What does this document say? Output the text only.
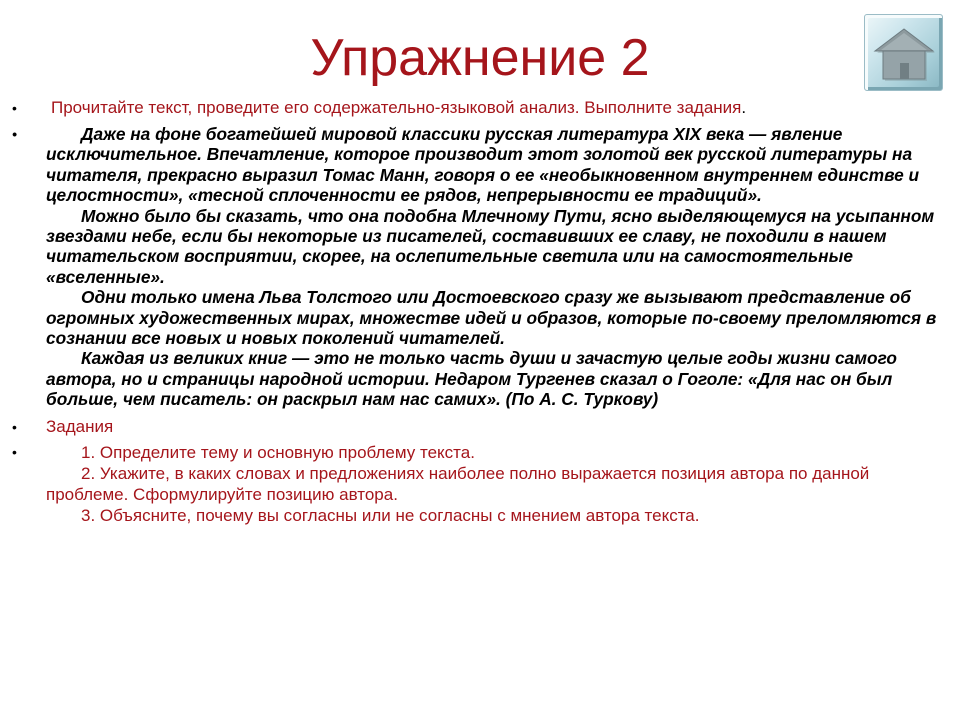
Упражнение 2
• Прочитайте текст, проведите его содержательно-языковой анализ. Выполните задания.
•	Даже на фоне богатейшей мировой классики русская литература XIX века — явление исключительное. Впечатление, которое производит этот золотой век русской литературы на читателя, прекрасно выразил Томас Манн, говоря о ее «необыкновенном внутреннем единстве и целостности», «тесной сплоченности ее рядов, непрерывности ее традиций».

Можно было бы сказать, что она подобна Млечному Пути, ясно выделяющемуся на усыпанном звездами небе, если бы некоторые из писателей, составивших ее славу, не походили в нашем читательском восприятии, скорее, на ослепительные светила или на самостоятельные «вселенные».

Одни только имена Льва Толстого или Достоевского сразу же вызывают представление об огромных художественных мирах, множестве идей и образов, которые по-своему преломляются в сознании все новых и новых поколений читателей.

Каждая из великих книг — это не только часть души и зачастую целые годы жизни самого автора, но и страницы народной истории. Недаром Тургенев сказал о Гоголе: «Для нас он был больше, чем писатель: он раскрыл нам нас самих». (По А. С. Туркову)

• Задания
•	1. Определите тему и основную проблему текста.

2. Укажите, в каких словах и предложениях наиболее полно выражается позиция автора по данной проблеме. Сформулируйте позицию автора.

3. Объясните, почему вы согласны или не согласны с мнением автора текста.
